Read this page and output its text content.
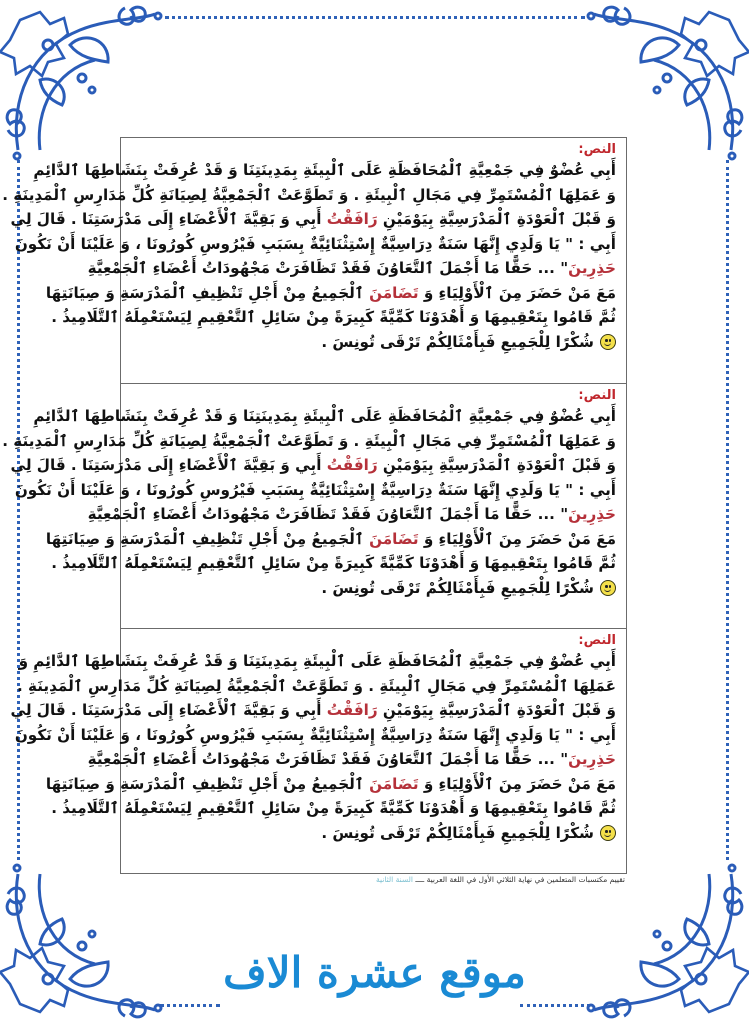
النص:
أَبِي عُضْوٌ فِي جَمْعِيَّةِ ٱلْمُحَافَظَةِ عَلَى ٱلْبِيئَةِ بِمَدِينَتِنَا وَ قَدْ عُرِفَتْ بِنَشَاطِهَا ٱلدَّائِمِ
وَ عَمَلِهَا ٱلْمُسْتَمِرِّ فِي مَجَالِ ٱلْبِيئَةِ . وَ تَطَوَّعَتْ ٱلْجَمْعِيَّةُ لِصِيَانَةِ كُلِّ مَدَارِسِ ٱلْمَدِينَةِ .
وَ قَبْلَ ٱلْعَوْدَةِ ٱلْمَدْرَسِيَّةِ بِيَوْمَيْنِ رَافَقْتُ أَبِي وَ بَقِيَّةَ ٱلْأَعْضَاءِ إِلَى مَدْرَسَتِنَا . قَالَ لِي
أَبِي : " يَا وَلَدِي إِنَّهَا سَنَةٌ دِرَاسِيَّةٌ إِسْتِثْنَائِيَّةٌ بِسَبَبِ فَيْرُوسِ كُورُونَا ، وَ عَلَيْنَا أَنْ نَكُونَ
حَذِرِينَ" ... حَقًّا مَا أَجْمَلَ ٱلتَّعَاوُنَ فَقَدْ تَظَافَرَتْ مَجْهُودَاتُ أَعْضَاءِ ٱلْجَمْعِيَّةِ
مَعَ مَنْ حَضَرَ مِنَ ٱلْأَوْلِيَاءِ وَ تَضَامَنَ ٱلْجَمِيعُ مِنْ أَجْلِ تَنْظِيفِ ٱلْمَدْرَسَةِ وَ صِيَانَتِهَا
ثُمَّ قَامُوا بِتَعْقِيمِهَا وَ أَهْدَوْنَا كَمِّيَّةً كَبِيرَةً مِنْ سَائِلِ ٱلتَّعْقِيمِ لِيَسْتَعْمِلَهُ ٱلتَّلَامِيذُ .
شُكْرًا لِلْجَمِيعِ فَبِأَمْثَالِكُمْ تَرْقَى تُونِسَ .
النص:
أَبِي عُضْوٌ فِي جَمْعِيَّةِ ٱلْمُحَافَظَةِ عَلَى ٱلْبِيئَةِ بِمَدِينَتِنَا وَ قَدْ عُرِفَتْ بِنَشَاطِهَا ٱلدَّائِمِ
وَ عَمَلِهَا ٱلْمُسْتَمِرِّ فِي مَجَالِ ٱلْبِيئَةِ . وَ تَطَوَّعَتْ ٱلْجَمْعِيَّةُ لِصِيَانَةِ كُلِّ مَدَارِسِ ٱلْمَدِينَةِ .
وَ قَبْلَ ٱلْعَوْدَةِ ٱلْمَدْرَسِيَّةِ بِيَوْمَيْنِ رَافَقْتُ أَبِي وَ بَقِيَّةَ ٱلْأَعْضَاءِ إِلَى مَدْرَسَتِنَا . قَالَ لِي
أَبِي : " يَا وَلَدِي إِنَّهَا سَنَةٌ دِرَاسِيَّةٌ إِسْتِثْنَائِيَّةٌ بِسَبَبِ فَيْرُوسِ كُورُونَا ، وَ عَلَيْنَا أَنْ نَكُونَ
حَذِرِينَ" ... حَقًّا مَا أَجْمَلَ ٱلتَّعَاوُنَ فَقَدْ تَظَافَرَتْ مَجْهُودَاتُ أَعْضَاءِ ٱلْجَمْعِيَّةِ
مَعَ مَنْ حَضَرَ مِنَ ٱلْأَوْلِيَاءِ وَ تَضَامَنَ ٱلْجَمِيعُ مِنْ أَجْلِ تَنْظِيفِ ٱلْمَدْرَسَةِ وَ صِيَانَتِهَا
ثُمَّ قَامُوا بِتَعْقِيمِهَا وَ أَهْدَوْنَا كَمِّيَّةً كَبِيرَةً مِنْ سَائِلِ ٱلتَّعْقِيمِ لِيَسْتَعْمِلَهُ ٱلتَّلَامِيذُ .
شُكْرًا لِلْجَمِيعِ فَبِأَمْثَالِكُمْ تَرْقَى تُونِسَ .
النص:
أَبِي عُضْوٌ فِي جَمْعِيَّةِ ٱلْمُحَافَظَةِ عَلَى ٱلْبِيئَةِ بِمَدِينَتِنَا وَ قَدْ عُرِفَتْ بِنَشَاطِهَا ٱلدَّائِمِ وَ
عَمَلِهَا ٱلْمُسْتَمِرِّ فِي مَجَالِ ٱلْبِيئَةِ . وَ تَطَوَّعَتْ ٱلْجَمْعِيَّةُ لِصِيَانَةِ كُلِّ مَدَارِسِ ٱلْمَدِينَةِ .
وَ قَبْلَ ٱلْعَوْدَةِ ٱلْمَدْرَسِيَّةِ بِيَوْمَيْنِ رَافَقْتُ أَبِي وَ بَقِيَّةَ ٱلْأَعْضَاءِ إِلَى مَدْرَسَتِنَا . قَالَ لِي
أَبِي : " يَا وَلَدِي إِنَّهَا سَنَةٌ دِرَاسِيَّةٌ إِسْتِثْنَائِيَّةٌ بِسَبَبِ فَيْرُوسِ كُورُونَا ، وَ عَلَيْنَا أَنْ نَكُونَ
حَذِرِينَ" ... حَقًّا مَا أَجْمَلَ ٱلتَّعَاوُنَ فَقَدْ تَظَافَرَتْ مَجْهُودَاتُ أَعْضَاءِ ٱلْجَمْعِيَّةِ
مَعَ مَنْ حَضَرَ مِنَ ٱلْأَوْلِيَاءِ وَ تَضَامَنَ ٱلْجَمِيعُ مِنْ أَجْلِ تَنْظِيفِ ٱلْمَدْرَسَةِ وَ صِيَانَتِهَا
ثُمَّ قَامُوا بِتَعْقِيمِهَا وَ أَهْدَوْنَا كَمِّيَّةً كَبِيرَةً مِنْ سَائِلِ ٱلتَّعْقِيمِ لِيَسْتَعْمِلَهُ ٱلتَّلَامِيذُ .
شُكْرًا لِلْجَمِيعِ فَبِأَمْثَالِكُمْ تَرْقَى تُونِسَ .
تقييم مكتسبات المتعلمين في نهاية الثلاثي الأول في اللغة العربية ــــ السنة الثانية
موقع عشرة الاف
